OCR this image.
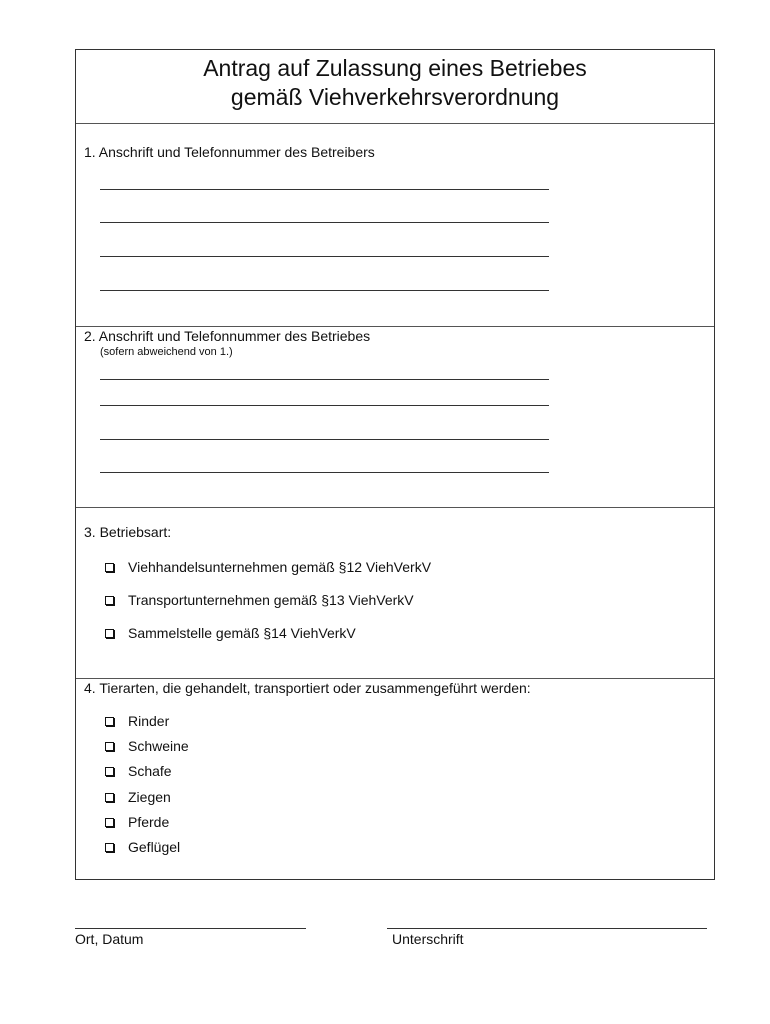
Antrag auf Zulassung eines Betriebes
gemäß Viehverkehrsverordnung
1. Anschrift und Telefonnummer des Betreibers
2. Anschrift und Telefonnummer des Betriebes
(sofern abweichend von 1.)
3. Betriebsart:
Viehhandelsunternehmen gemäß §12 ViehVerkV
Transportunternehmen gemäß §13 ViehVerkV
Sammelstelle gemäß §14 ViehVerkV
4. Tierarten, die gehandelt, transportiert oder zusammengeführt werden:
Rinder
Schweine
Schafe
Ziegen
Pferde
Geflügel
Ort, Datum	Unterschrift
